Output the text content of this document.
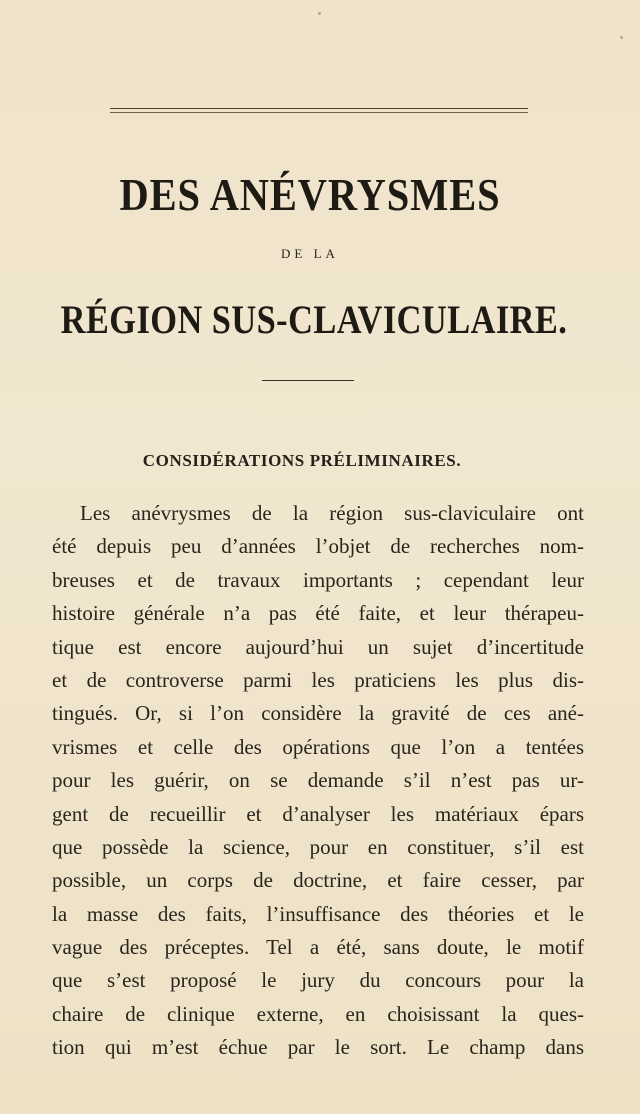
DES ANÉVRYSMES
DE LA
RÉGION SUS-CLAVICULAIRE.
CONSIDÉRATIONS PRÉLIMINAIRES.
Les anévrysmes de la région sus-claviculaire ont
été depuis peu d’années l’objet de recherches nom-
breuses et de travaux importants ; cependant leur
histoire générale n’a pas été faite, et leur thérapeu-
tique est encore aujourd’hui un sujet d’incertitude
et de controverse parmi les praticiens les plus dis-
tingués. Or, si l’on considère la gravité de ces ané-
vrismes et celle des opérations que l’on a tentées
pour les guérir, on se demande s’il n’est pas ur-
gent de recueillir et d’analyser les matériaux épars
que possède la science, pour en constituer, s’il est
possible, un corps de doctrine, et faire cesser, par
la masse des faits, l’insuffisance des théories et le
vague des préceptes. Tel a été, sans doute, le motif
que s’est proposé le jury du concours pour la
chaire de clinique externe, en choisissant la ques-
tion qui m’est échue par le sort. Le champ dans
